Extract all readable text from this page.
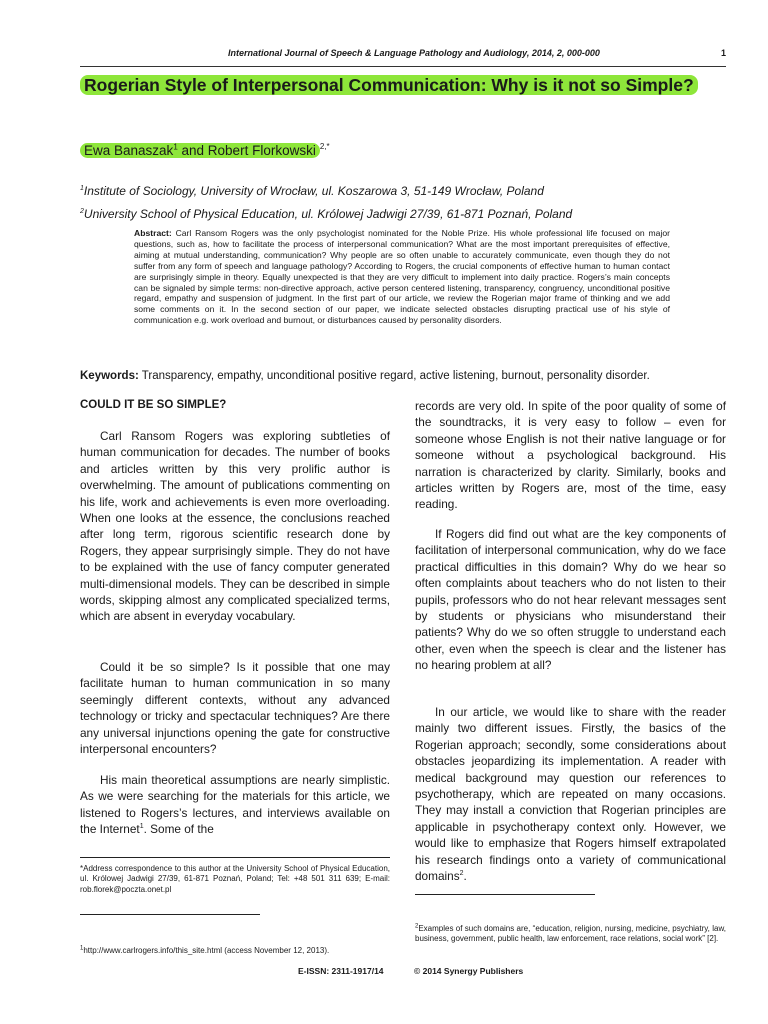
International Journal of Speech & Language Pathology and Audiology, 2014, 2, 000-000	1
Rogerian Style of Interpersonal Communication: Why is it not so Simple?
Ewa Banaszak$^1$ and Robert Florkowski $^{2,*}$
$^1$Institute of Sociology, University of Wrocław, ul. Koszarowa 3, 51-149 Wrocław, Poland
$^2$University School of Physical Education, ul. Królowej Jadwigi 27/39, 61-871 Poznań, Poland
Abstract: Carl Ransom Rogers was the only psychologist nominated for the Noble Prize. His whole professional life focused on major questions, such as, how to facilitate the process of interpersonal communication? What are the most important prerequisites of effective, aiming at mutual understanding, communication? Why people are so often unable to accurately communicate, even though they do not suffer from any form of speech and language pathology? According to Rogers, the crucial components of effective human to human contact are surprisingly simple in theory. Equally unexpected is that they are very difficult to implement into daily practice. Rogers’s main concepts can be signaled by simple terms: non-directive approach, active person centered listening, transparency, congruency, unconditional positive regard, empathy and suspension of judgment. In the first part of our article, we review the Rogerian major frame of thinking and we add some comments on it. In the second section of our paper, we indicate selected obstacles disrupting practical use of his style of communication e.g. work overload and burnout, or disturbances caused by personality disorders.
Keywords: Transparency, empathy, unconditional positive regard, active listening, burnout, personality disorder.
COULD IT BE SO SIMPLE?

Carl Ransom Rogers was exploring subtleties of human communication for decades. The number of books and articles written by this very prolific author is overwhelming. The amount of publications commenting on his life, work and achievements is even more overloading. When one looks at the essence, the conclusions reached after long term, rigorous scientific research done by Rogers, they appear surprisingly simple. They do not have to be explained with the use of fancy computer generated multi-dimensional models. They can be described in simple words, skipping almost any complicated specialized terms, which are absent in everyday vocabulary.

Could it be so simple? Is it possible that one may facilitate human to human communication in so many seemingly different contexts, without any advanced technology or tricky and spectacular techniques? Are there any universal injunctions opening the gate for constructive interpersonal encounters?

His main theoretical assumptions are nearly simplistic. As we were searching for the materials for this article, we listened to Rogers’s lectures, and interviews available on the Internet$^1$. Some of the

*Address correspondence to this author at the University School of Physical Education, ul. Królowej Jadwigi 27/39, 61-871 Poznań, Poland; Tel: +48 501 311 639; E-mail: rob.florek@poczta.onet.pl
$^1$http://www.carlrogers.info/this_site.html (access November 12, 2013).

records are very old. In spite of the poor quality of some of the soundtracks, it is very easy to follow – even for someone whose English is not their native language or for someone without a psychological background. His narration is characterized by clarity. Similarly, books and articles written by Rogers are, most of the time, easy reading.

If Rogers did find out what are the key components of facilitation of interpersonal communication, why do we face practical difficulties in this domain? Why do we hear so often complaints about teachers who do not listen to their pupils, professors who do not hear relevant messages sent by students or physicians who misunderstand their patients? Why do we so often struggle to understand each other, even when the speech is clear and the listener has no hearing problem at all?

In our article, we would like to share with the reader mainly two different issues. Firstly, the basics of the Rogerian approach; secondly, some considerations about obstacles jeopardizing its implementation. A reader with medical background may question our references to psychotherapy, which are repeated on many occasions. They may install a conviction that Rogerian principles are applicable in psychotherapy context only. However, we would like to emphasize that Rogers himself extrapolated his research findings onto a variety of communicational domains$^2$.

$^2$Examples of such domains are, “education, religion, nursing, medicine, psychiatry, law, business, government, public health, law enforcement, race relations, social work” [2].
E-ISSN: 2311-1917/14	© 2014 Synergy Publishers
